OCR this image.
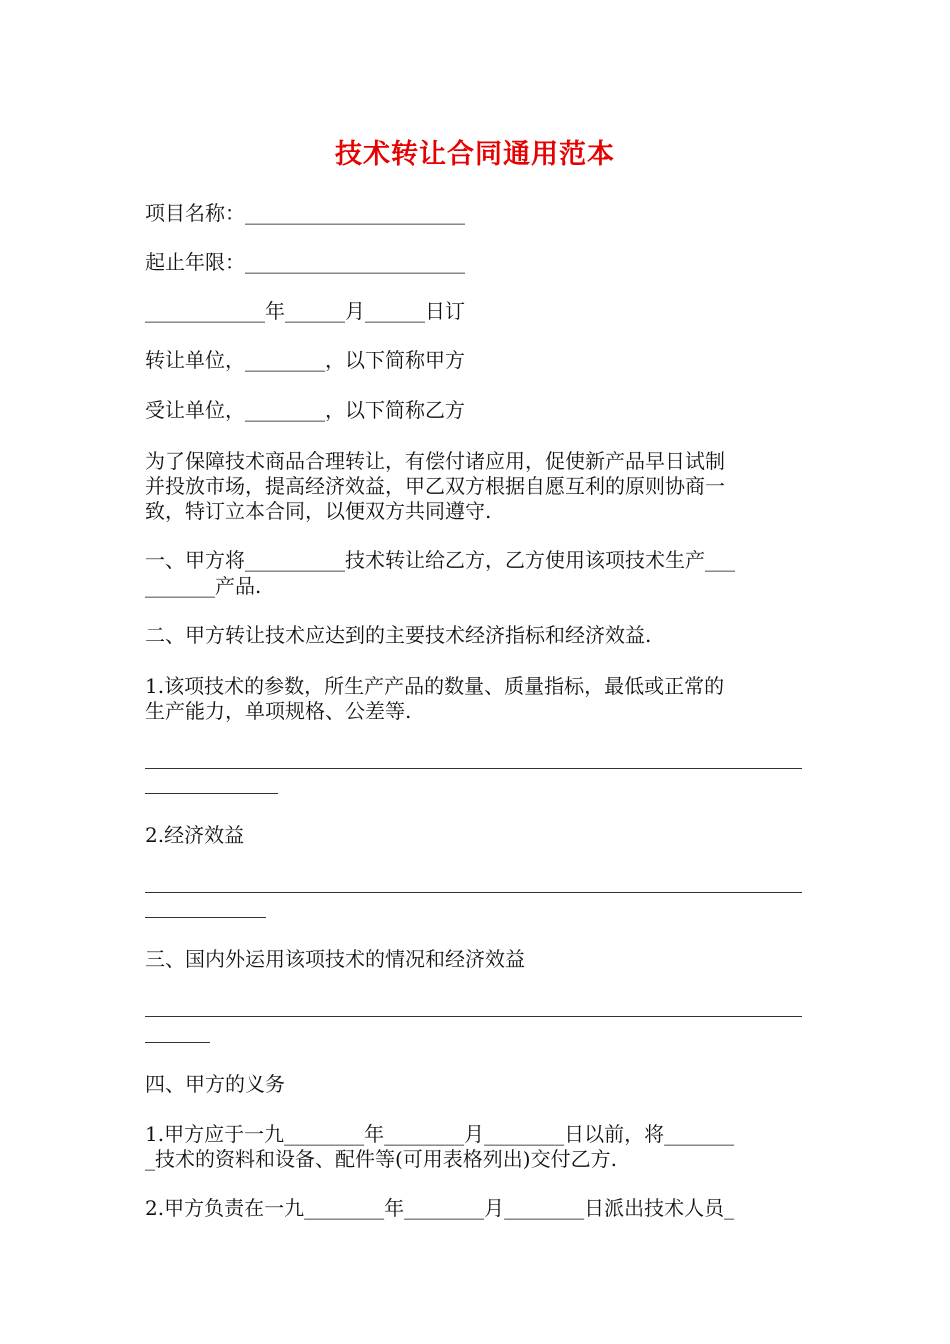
技术转让合同通用范本
项目名称：______________________
起止年限：______________________
____________年______月______日订
转让单位，________，以下简称甲方
受让单位，________，以下简称乙方
为了保障技术商品合理转让，有偿付诸应用，促使新产品早日试制
并投放市场，提高经济效益，甲乙双方根据自愿互利的原则协商一
致，特订立本合同，以便双方共同遵守.
一、甲方将__________技术转让给乙方，乙方使用该项技术生产___
_______产品.
二、甲方转让技术应达到的主要技术经济指标和经济效益.
1.该项技术的参数，所生产产品的数量、质量指标，最低或正常的
生产能力，单项规格、公差等.
2.经济效益
三、国内外运用该项技术的情况和经济效益
四、甲方的义务
1.甲方应于一九________年________月________日以前，将_______
_技术的资料和设备、配件等(可用表格列出)交付乙方.
2.甲方负责在一九________年________月________日派出技术人员_
